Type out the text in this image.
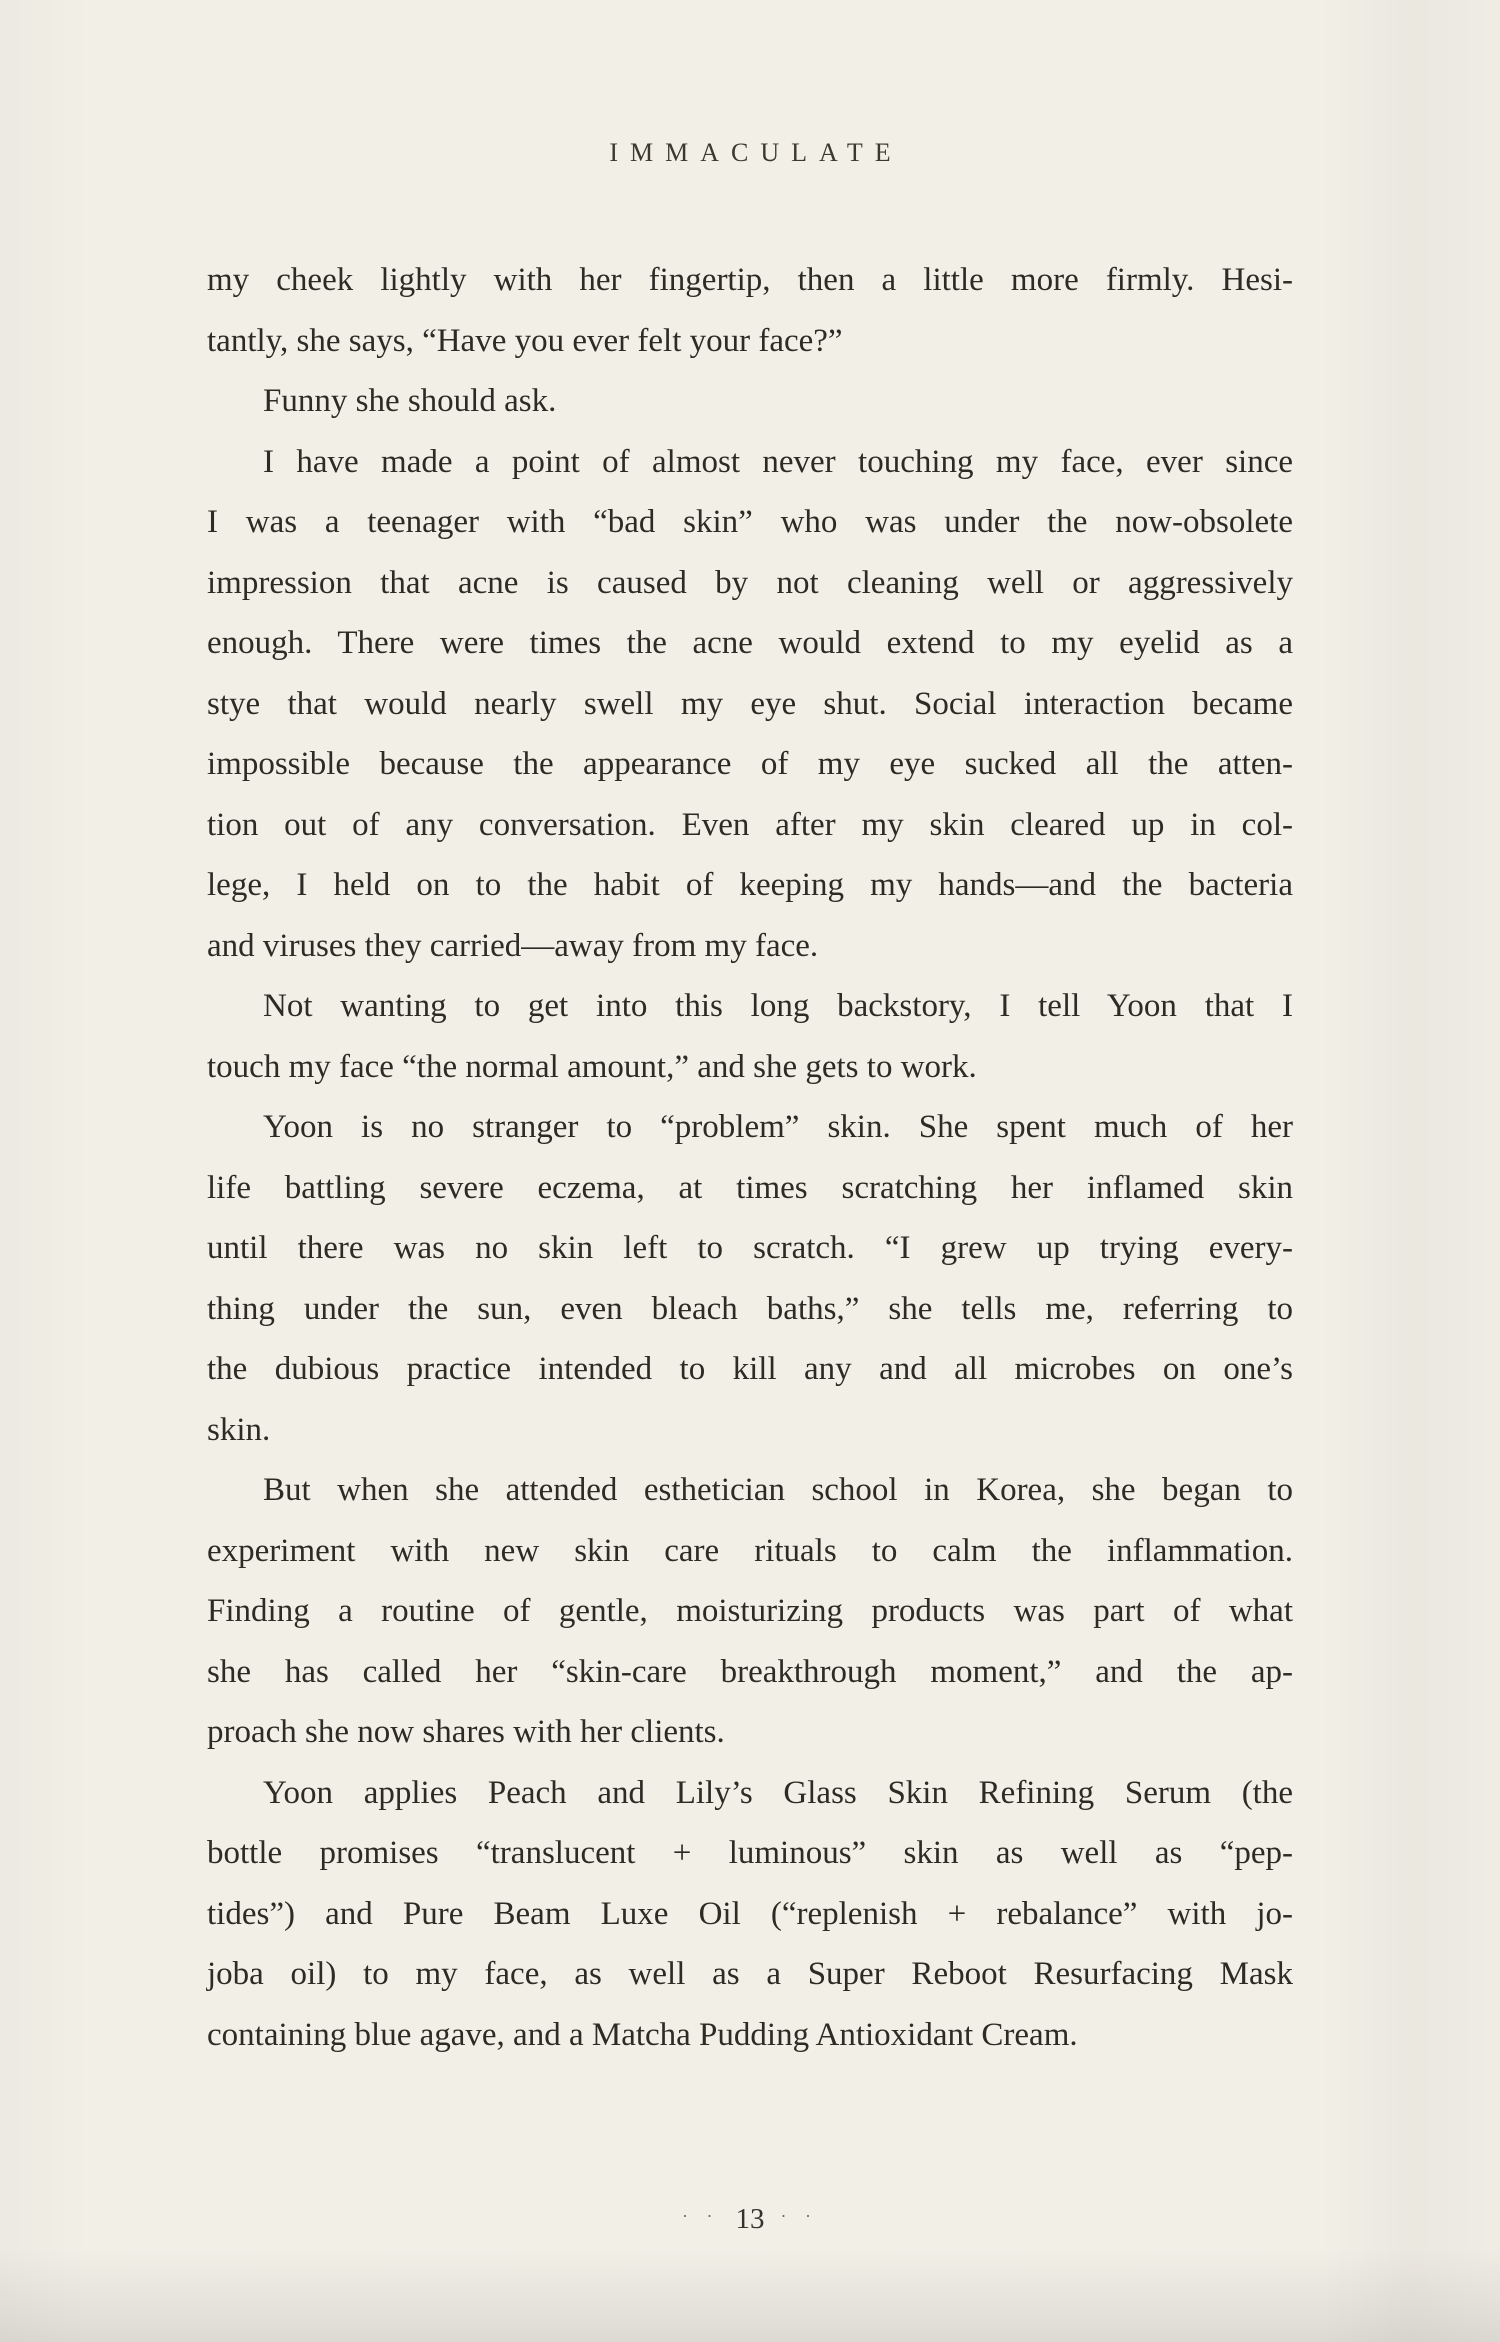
IMMACULATE
my cheek lightly with her fingertip, then a little more firmly. Hesi-
tantly, she says, “Have you ever felt your face?”
Funny she should ask.
I have made a point of almost never touching my face, ever since
I was a teenager with “bad skin” who was under the now-obsolete
impression that acne is caused by not cleaning well or aggressively
enough. There were times the acne would extend to my eyelid as a
stye that would nearly swell my eye shut. Social interaction became
impossible because the appearance of my eye sucked all the atten-
tion out of any conversation. Even after my skin cleared up in col-
lege, I held on to the habit of keeping my hands—and the bacteria
and viruses they carried—away from my face.
Not wanting to get into this long backstory, I tell Yoon that I
touch my face “the normal amount,” and she gets to work.
Yoon is no stranger to “problem” skin. She spent much of her
life battling severe eczema, at times scratching her inflamed skin
until there was no skin left to scratch. “I grew up trying every-
thing under the sun, even bleach baths,” she tells me, referring to
the dubious practice intended to kill any and all microbes on one’s
skin.
But when she attended esthetician school in Korea, she began to
experiment with new skin care rituals to calm the inflammation.
Finding a routine of gentle, moisturizing products was part of what
she has called her “skin-care breakthrough moment,” and the ap-
proach she now shares with her clients.
Yoon applies Peach and Lily’s Glass Skin Refining Serum (the
bottle promises “translucent + luminous” skin as well as “pep-
tides”) and Pure Beam Luxe Oil (“replenish + rebalance” with jo-
joba oil) to my face, as well as a Super Reboot Resurfacing Mask
containing blue agave, and a Matcha Pudding Antioxidant Cream.
· · 13 · ·
